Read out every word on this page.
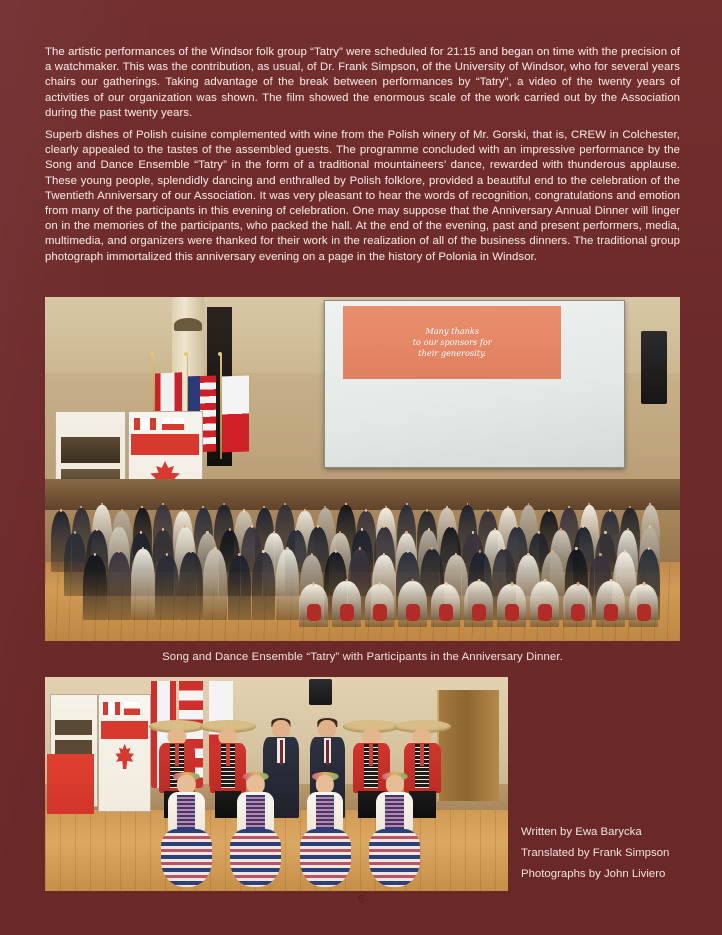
The artistic performances of the Windsor folk group “Tatry” were scheduled for 21:15 and began on time with the precision of a watchmaker. This was the contribution, as usual, of Dr. Frank Simpson, of the University of Windsor, who for several years chairs our gatherings. Taking advantage of the break between performances by “Tatry”, a video of the twenty years of activities of our organization was shown. The film showed the enormous scale of the work carried out by the Association during the past twenty years.
Superb dishes of Polish cuisine complemented with wine from the Polish winery of Mr. Gorski, that is, CREW in Colchester, clearly appealed to the tastes of the assembled guests. The programme concluded with an impressive performance by the Song and Dance Ensemble “Tatry” in the form of a traditional mountaineers’ dance, rewarded with thunderous applause. These young people, splendidly dancing and enthralled by Polish folklore, provided a beautiful end to the celebration of the Twentieth Anniversary of our Association. It was very pleasant to hear the words of recognition, congratulations and emotion from many of the participants in this evening of celebration. One may suppose that the Anniversary Annual Dinner will linger on in the memories of the participants, who packed the hall. At the end of the evening, past and present performers, media, multimedia, and organizers were thanked for their work in the realization of all of the business dinners. The traditional group photograph immortalized this anniversary evening on a page in the history of Polonia in Windsor.
Many thanks
to our sponsors for
their generosity.
Song and Dance Ensemble “Tatry” with Participants in the Anniversary Dinner.
Written by Ewa Barycka
Translated by Frank Simpson
Photographs by John Liviero
6
